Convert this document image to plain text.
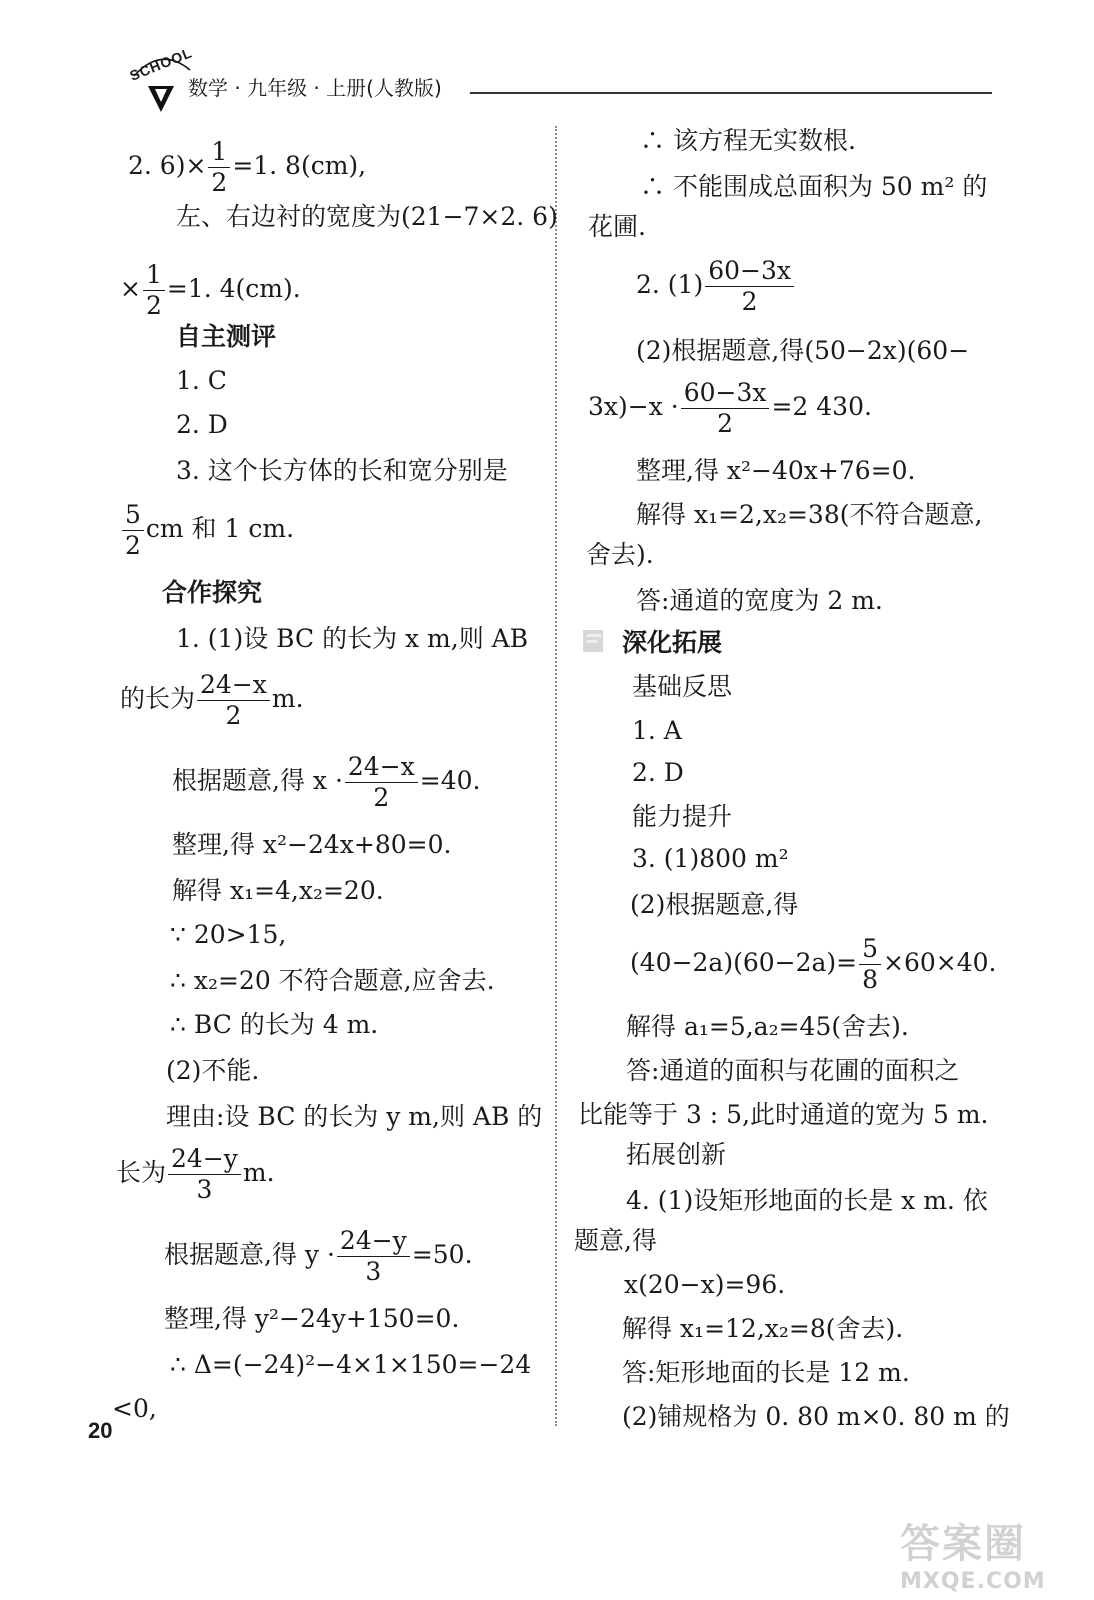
SCHOOL
数学 · 九年级 · 上册(人教版)
2. $6)\times \frac{1}{2} =1$. 8(cm),
左、右边衬的宽度为(21−7×2. 6)
× $\frac{1}{2} =1$. 4(cm).
自主测评
1. C
2. D
3. 这个长方体的长和宽分别是
$\frac{5}{2}$ cm 和 1 cm.
合作探究
1. (1)设 BC 的长为 x m,则 AB
的长为 $\frac{24-x}{2} m$.
根据题意,得 $x \cdot \frac{24-x}{2} =40$.
整理,得 x²−24x+80=0.
解得 x₁=4,x₂=20.
∵ 20>15,
∴ x₂=20 不符合题意,应舍去.
∴ BC 的长为 4 m.
(2)不能.
理由:设 BC 的长为 y m,则 AB 的
长为 $\frac{24-y}{3} m$.
根据题意,得 $y \cdot \frac{24-y}{3} =50$.
整理,得 y²−24y+150=0.
∴ Δ=(−24)²−4×1×150=−24
<0,
∴ 该方程无实数根.
∴ 不能围成总面积为 50 m² 的
花圃.
2. $(1) \frac{60-3x}{2}$
(2)根据题意,得(50−2x)(60−
$3x)-x \cdot \frac{60-3x}{2} =2$ 430.
整理,得 x²−40x+76=0.
解得 x₁=2,x₂=38(不符合题意,
舍去).
答:通道的宽度为 2 m.
深化拓展
基础反思
1. A
2. D
能力提升
3. (1)800 m²
(2)根据题意,得
$(40-2a)(60-2a)= \frac{5}{8} \times 60\times 40$.
解得 a₁=5,a₂=45(舍去).
答:通道的面积与花圃的面积之
比能等于 3 : 5,此时通道的宽为 5 m.
拓展创新
4. (1)设矩形地面的长是 x m. 依
题意,得
x(20−x)=96.
解得 x₁=12,x₂=8(舍去).
答:矩形地面的长是 12 m.
(2)铺规格为 0. 80 m×0. 80 m 的
20
答案圈
MXQE.COM
